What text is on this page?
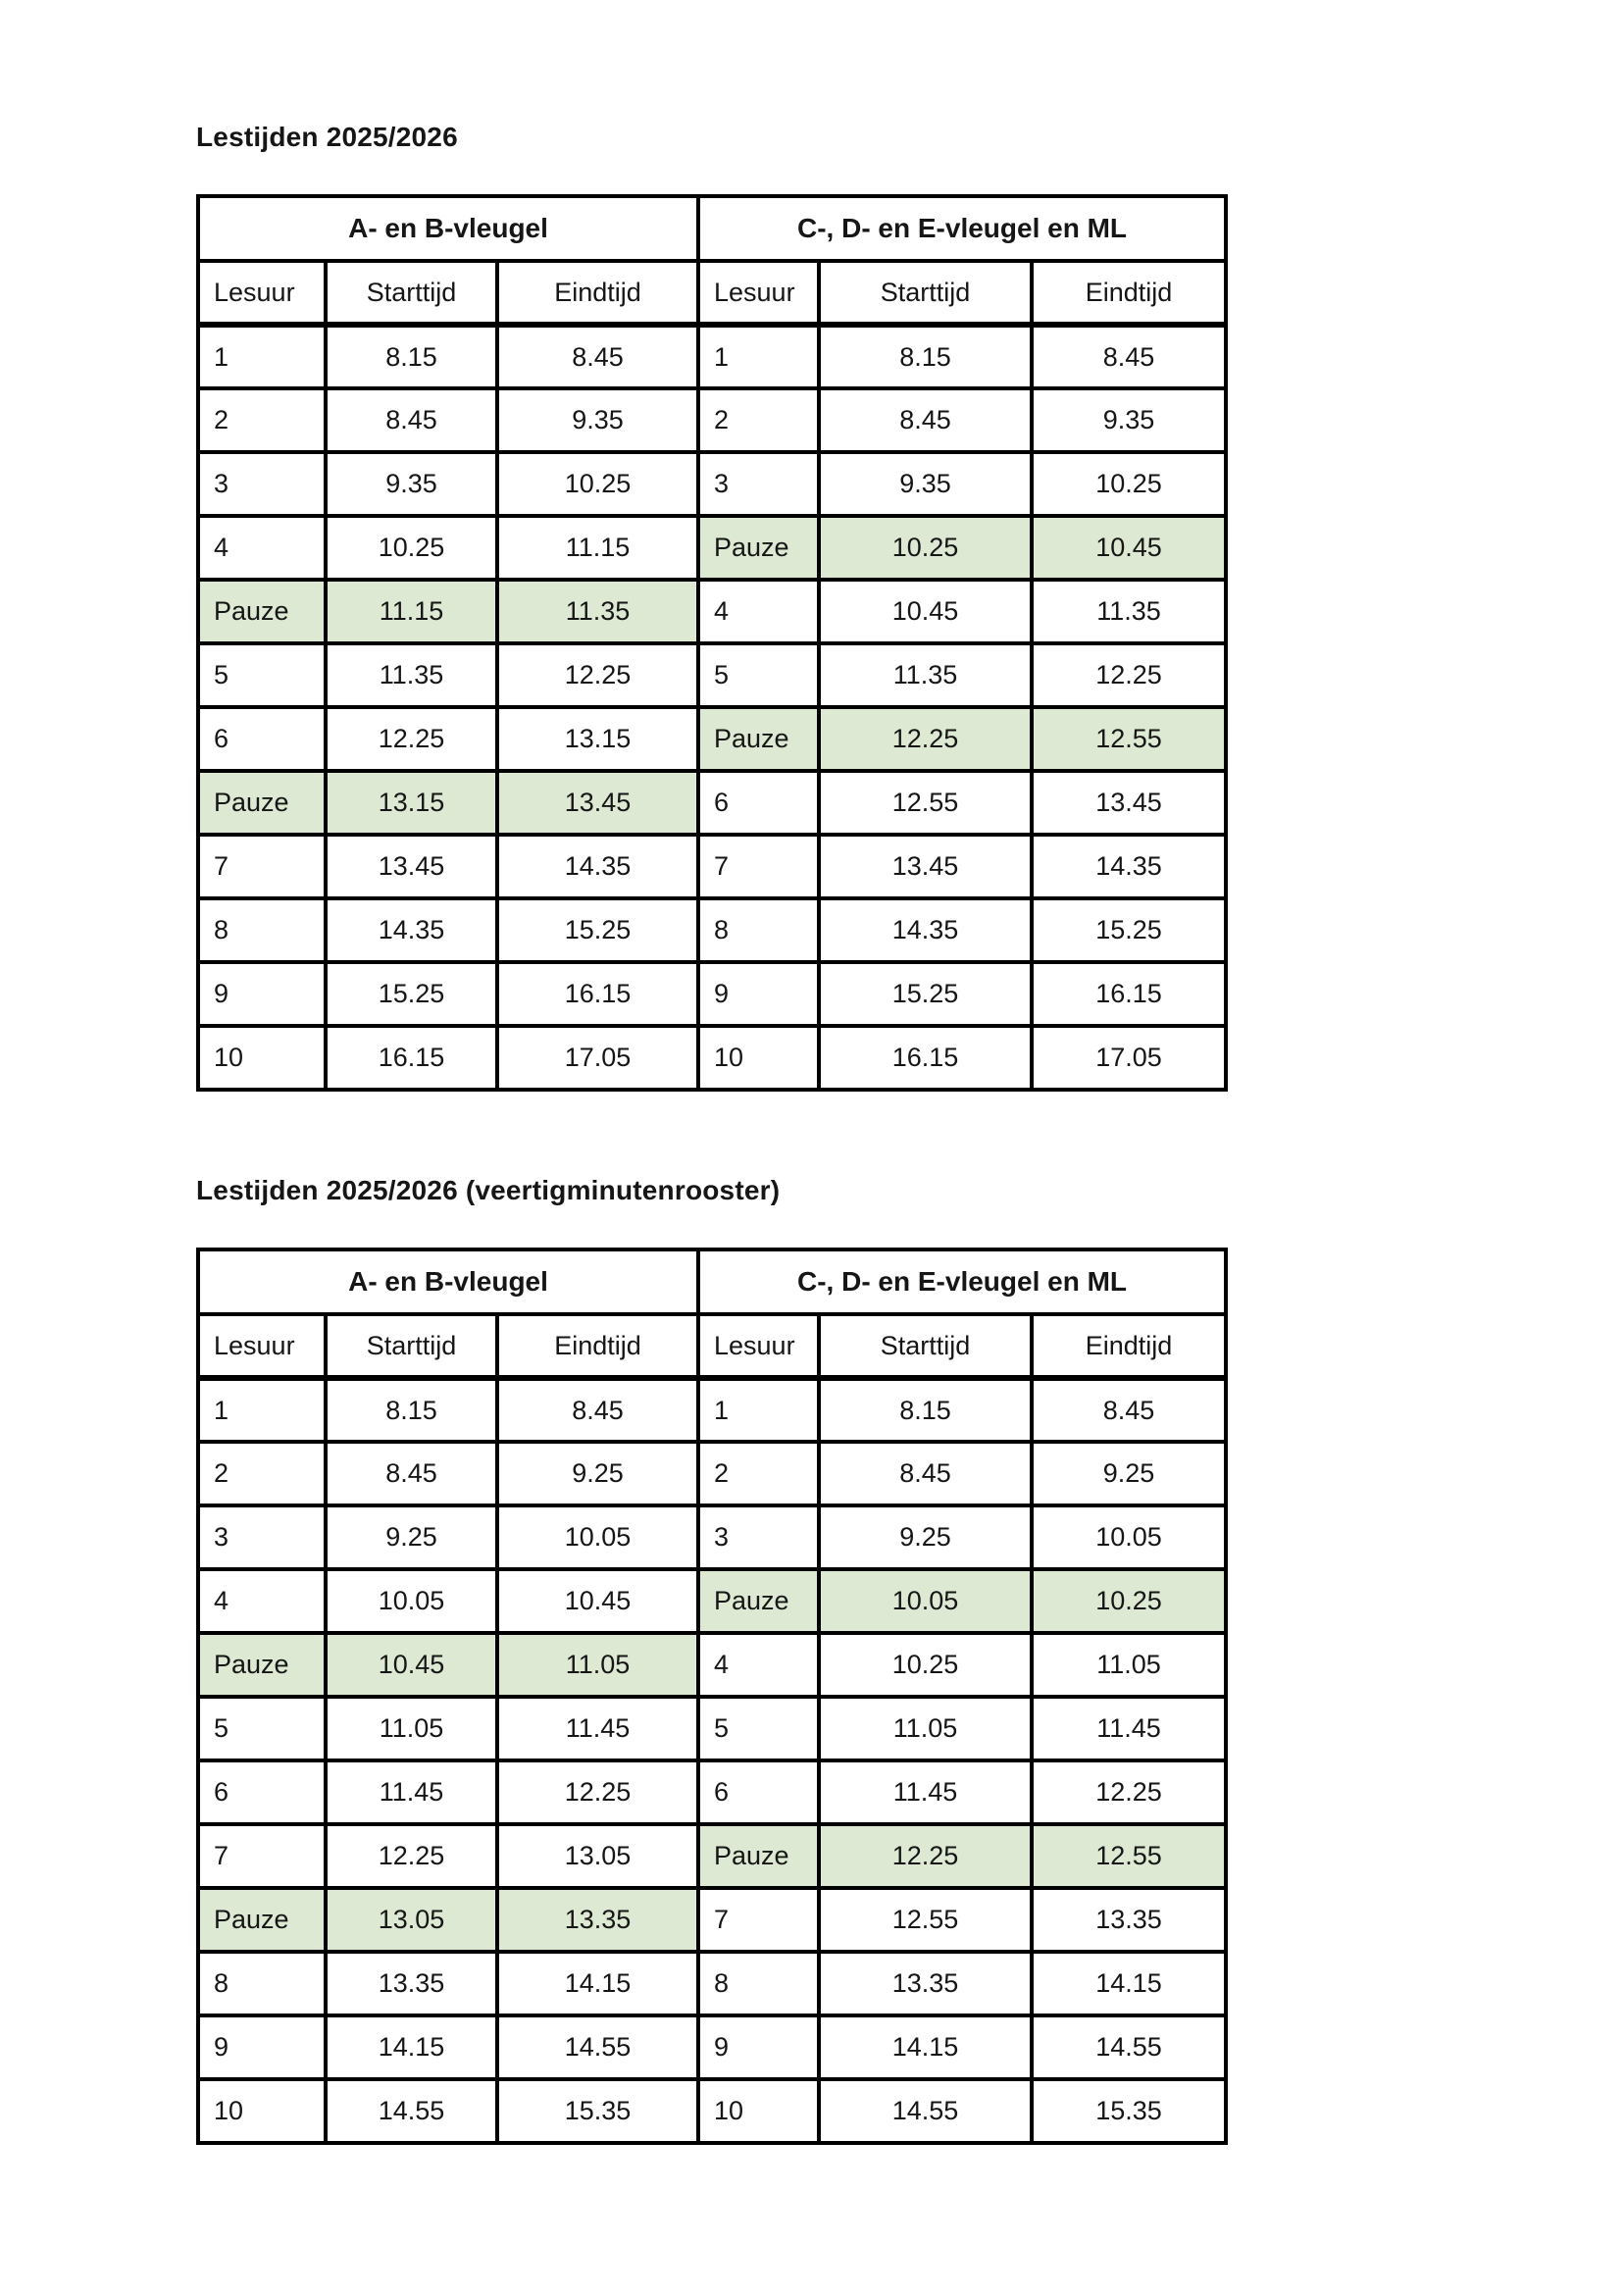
Lestijden 2025/2026
A- en B-vleugel			C-, D- en E-vleugel en ML		
Lesuur	Starttijd	Eindtijd	Lesuur	Starttijd	Eindtijd
1	8.15	8.45	1	8.15	8.45
2	8.45	9.35	2	8.45	9.35
3	9.35	10.25	3	9.35	10.25
4	10.25	11.15	Pauze	10.25	10.45
Pauze	11.15	11.35	4	10.45	11.35
5	11.35	12.25	5	11.35	12.25
6	12.25	13.15	Pauze	12.25	12.55
Pauze	13.15	13.45	6	12.55	13.45
7	13.45	14.35	7	13.45	14.35
8	14.35	15.25	8	14.35	15.25
9	15.25	16.15	9	15.25	16.15
10	16.15	17.05	10	16.15	17.05
Lestijden 2025/2026 (veertigminutenrooster)
A- en B-vleugel			C-, D- en E-vleugel en ML		
Lesuur	Starttijd	Eindtijd	Lesuur	Starttijd	Eindtijd
1	8.15	8.45	1	8.15	8.45
2	8.45	9.25	2	8.45	9.25
3	9.25	10.05	3	9.25	10.05
4	10.05	10.45	Pauze	10.05	10.25
Pauze	10.45	11.05	4	10.25	11.05
5	11.05	11.45	5	11.05	11.45
6	11.45	12.25	6	11.45	12.25
7	12.25	13.05	Pauze	12.25	12.55
Pauze	13.05	13.35	7	12.55	13.35
8	13.35	14.15	8	13.35	14.15
9	14.15	14.55	9	14.15	14.55
10	14.55	15.35	10	14.55	15.35
